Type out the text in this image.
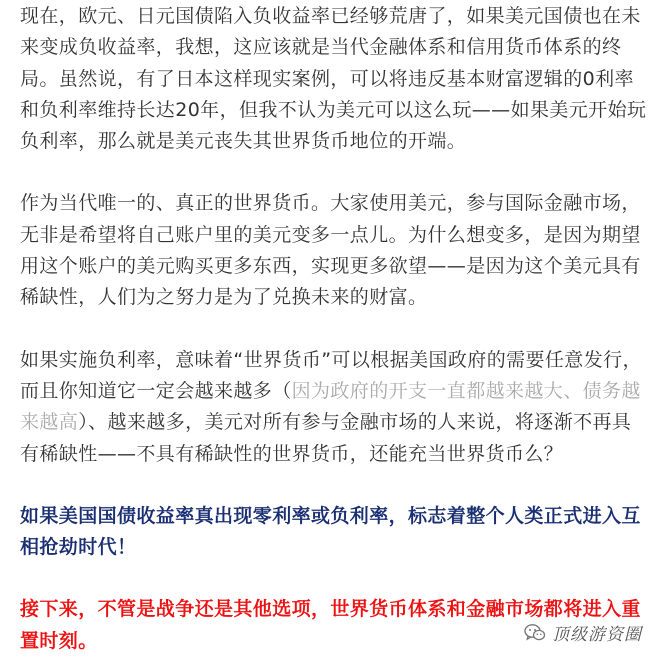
现在，欧元、日元国债陷入负收益率已经够荒唐了，如果美元国债也在未来变成负收益率，我想，这应该就是当代金融体系和信用货币体系的终局。虽然说，有了日本这样现实案例，可以将违反基本财富逻辑的0利率和负利率维持长达20年，但我不认为美元可以这么玩——如果美元开始玩负利率，那么就是美元丧失其世界货币地位的开端。

作为当代唯一的、真正的世界货币。大家使用美元，参与国际金融市场，无非是希望将自己账户里的美元变多一点儿。为什么想变多，是因为期望用这个账户的美元购买更多东西，实现更多欲望——是因为这个美元具有稀缺性，人们为之努力是为了兑换未来的财富。

如果实施负利率，意味着“世界货币”可以根据美国政府的需要任意发行，而且你知道它一定会越来越多（因为政府的开支一直都越来越大、债务越来越高）、越来越多，美元对所有参与金融市场的人来说，将逐渐不再具有稀缺性——不具有稀缺性的世界货币，还能充当世界货币么？

如果美国国债收益率真出现零利率或负利率，标志着整个人类正式进入互相抢劫时代！

接下来，不管是战争还是其他选项，世界货币体系和金融市场都将进入重置时刻。	顶级游资圈
